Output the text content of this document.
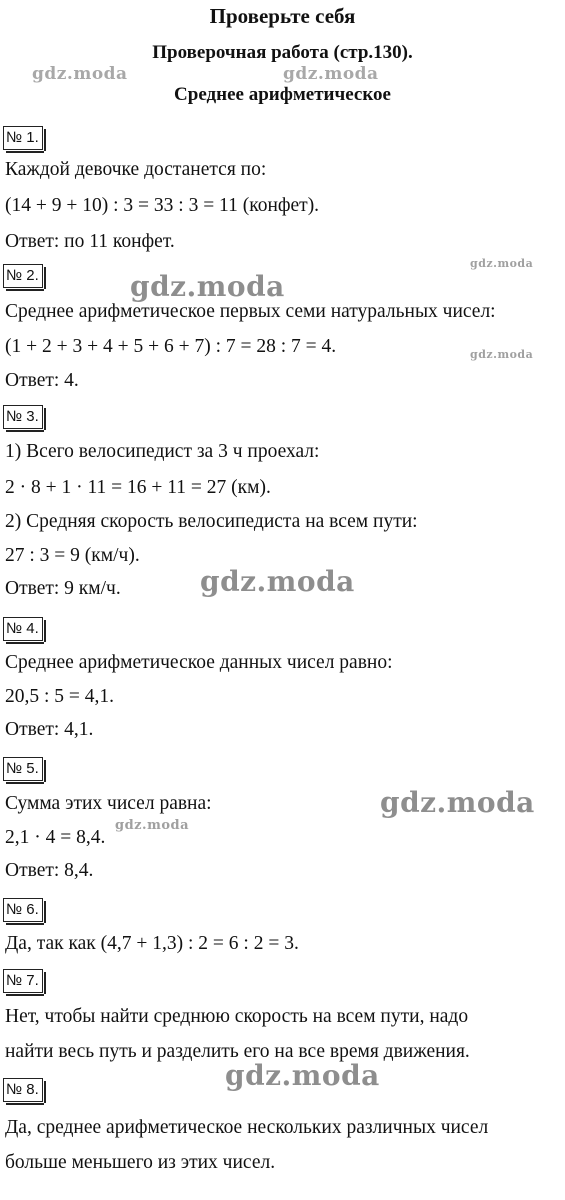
Проверьте себя
Проверочная работа (стр.130).
Среднее арифметическое
№ 1.

Каждой девочке достанется по:

(14 + 9 + 10) : 3 = 33 : 3 = 11 (конфет).

Ответ: по 11 конфет.

№ 2.

Среднее арифметическое первых семи натуральных чисел:

(1 + 2 + 3 + 4 + 5 + 6 + 7) : 7 = 28 : 7 = 4.

Ответ: 4.

№ 3.

1) Всего велосипедист за 3 ч проехал:

2 · 8 + 1 · 11 = 16 + 11 = 27 (км).

2) Средняя скорость велосипедиста на всем пути:

27 : 3 = 9 (км/ч).

Ответ: 9 км/ч.

№ 4.

Среднее арифметическое данных чисел равно:

20,5 : 5 = 4,1.

Ответ: 4,1.

№ 5.

Сумма этих чисел равна:

2,1 · 4 = 8,4.

Ответ: 8,4.

№ 6.

Да, так как (4,7 + 1,3) : 2 = 6 : 2 = 3.

№ 7.

Нет, чтобы найти среднюю скорость на всем пути, надо

найти весь путь и разделить его на все время движения.

№ 8.

Да, среднее арифметическое нескольких различных чисел

больше меньшего из этих чисел.

gdz.moda	gdz.moda
gdz.moda
gdz.moda
gdz.moda
gdz.moda
gdz.moda
gdz.moda
gdz.moda
